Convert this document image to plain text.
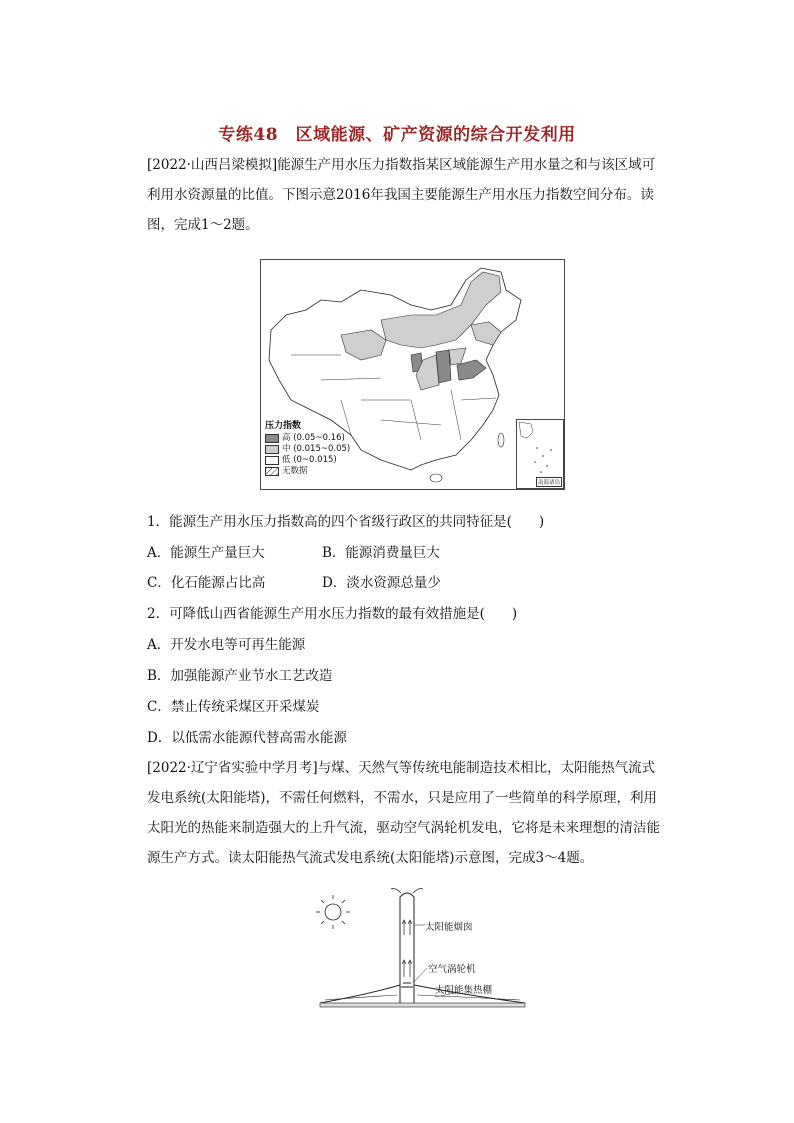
专练48　区域能源、矿产资源的综合开发利用
[2022·山西吕梁模拟]能源生产用水压力指数指某区域能源生产用水量之和与该区域可利用水资源量的比值。下图示意2016年我国主要能源生产用水压力指数空间分布。读图，完成1～2题。
压力指数
高 (0.05~0.16)
中 (0.015~0.05)
低 (0~0.015)
无数据
南海诸岛
1．能源生产用水压力指数高的四个省级行政区的共同特征是(　　)
A．能源生产量巨大	B．能源消费量巨大
C．化石能源占比高	D．淡水资源总量少
2．可降低山西省能源生产用水压力指数的最有效措施是(　　)
A．开发水电等可再生能源
B．加强能源产业节水工艺改造
C．禁止传统采煤区开采煤炭
D．以低需水能源代替高需水能源
[2022·辽宁省实验中学月考]与煤、天然气等传统电能制造技术相比，太阳能热气流式发电系统(太阳能塔)，不需任何燃料，不需水，只是应用了一些简单的科学原理，利用太阳光的热能来制造强大的上升气流，驱动空气涡轮机发电，它将是未来理想的清洁能源生产方式。读太阳能热气流式发电系统(太阳能塔)示意图，完成3～4题。
太阳能烟囱
空气涡轮机
太阳能集热棚
